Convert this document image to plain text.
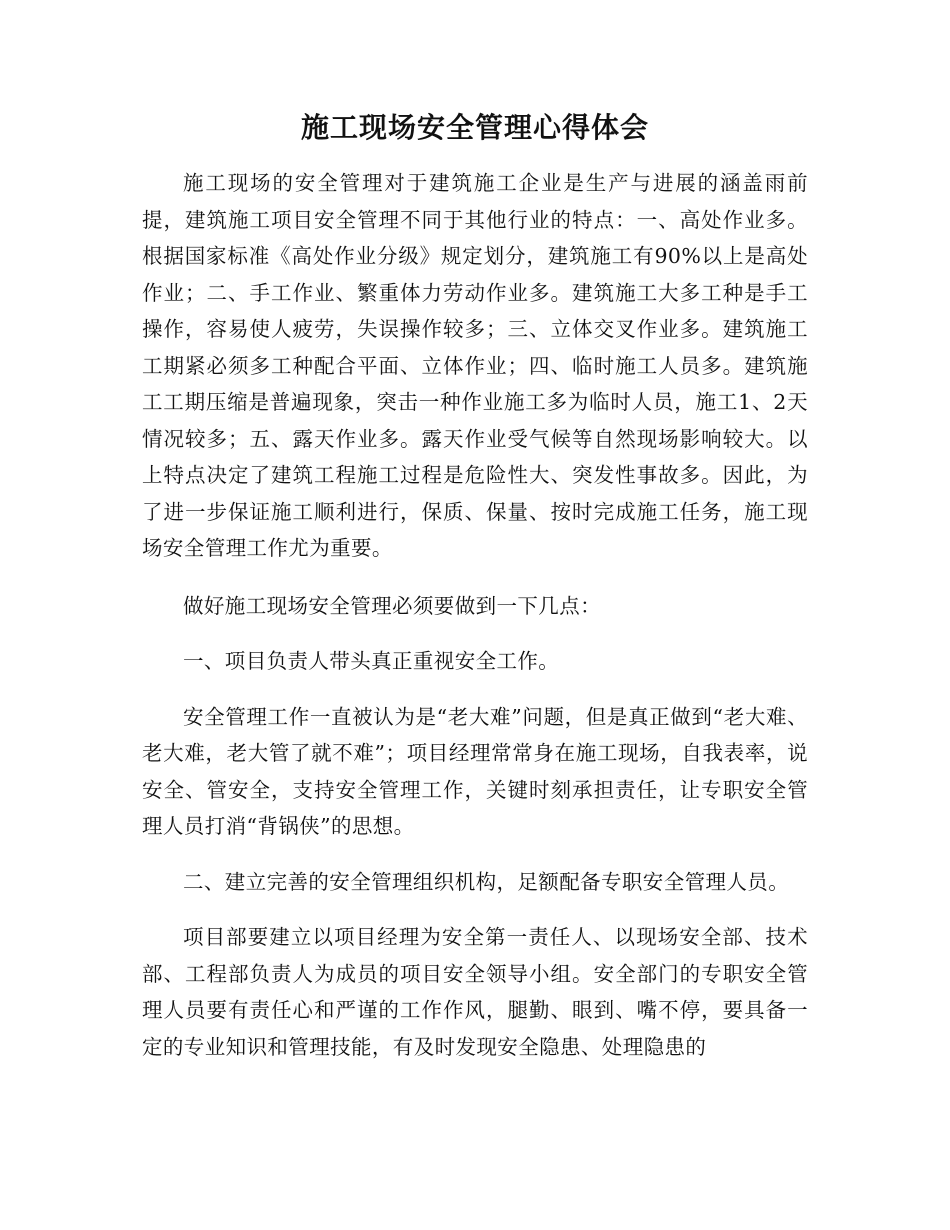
施工现场安全管理心得体会
施工现场的安全管理对于建筑施工企业是生产与进展的涵盖雨前提，建筑施工项目安全管理不同于其他行业的特点：一、高处作业多。根据国家标准《高处作业分级》规定划分，建筑施工有90%以上是高处作业；二、手工作业、繁重体力劳动作业多。建筑施工大多工种是手工操作，容易使人疲劳，失误操作较多；三、立体交叉作业多。建筑施工工期紧必须多工种配合平面、立体作业；四、临时施工人员多。建筑施工工期压缩是普遍现象，突击一种作业施工多为临时人员，施工1、2天情况较多；五、露天作业多。露天作业受气候等自然现场影响较大。以上特点决定了建筑工程施工过程是危险性大、突发性事故多。因此，为了进一步保证施工顺利进行，保质、保量、按时完成施工任务，施工现场安全管理工作尤为重要。
做好施工现场安全管理必须要做到一下几点：
一、项目负责人带头真正重视安全工作。
安全管理工作一直被认为是“老大难”问题，但是真正做到“老大难、老大难，老大管了就不难”；项目经理常常身在施工现场，自我表率，说安全、管安全，支持安全管理工作，关键时刻承担责任，让专职安全管理人员打消“背锅侠”的思想。
二、建立完善的安全管理组织机构，足额配备专职安全管理人员。
项目部要建立以项目经理为安全第一责任人、以现场安全部、技术部、工程部负责人为成员的项目安全领导小组。安全部门的专职安全管理人员要有责任心和严谨的工作作风，腿勤、眼到、嘴不停，要具备一定的专业知识和管理技能，有及时发现安全隐患、处理隐患的
